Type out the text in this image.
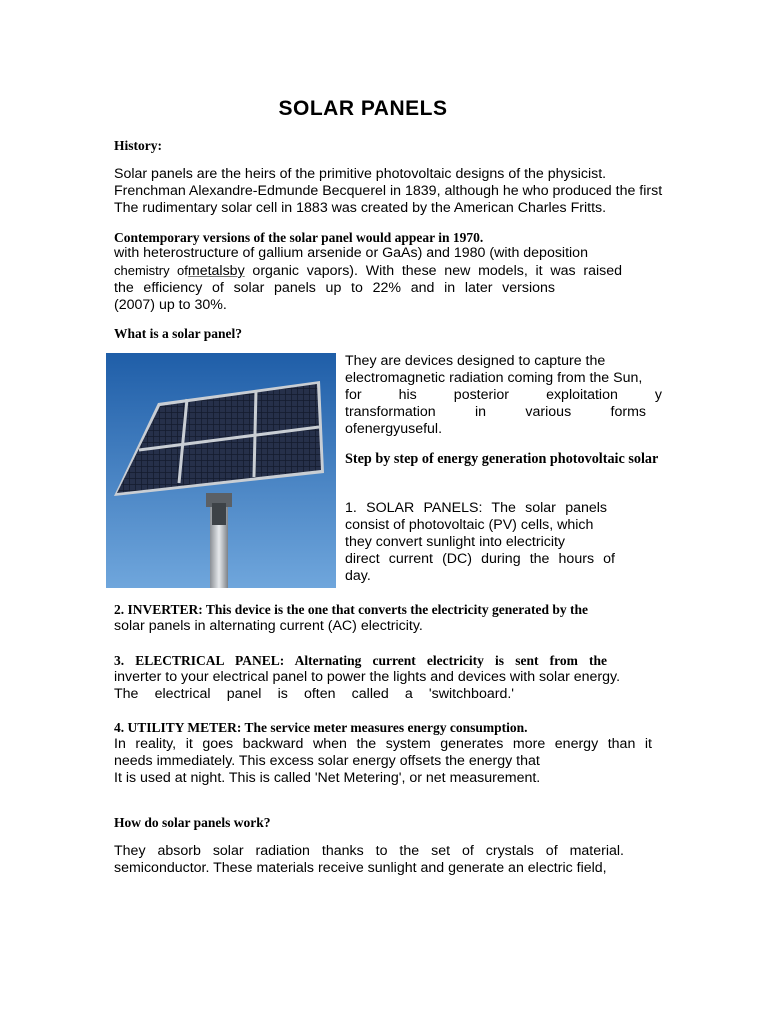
SOLAR PANELS
History:
Solar panels are the heirs of the primitive photovoltaic designs of the physicist.
Frenchman Alexandre-Edmunde Becquerel in 1839, although he who produced the first
The rudimentary solar cell in 1883 was created by the American Charles Fritts.
Contemporary versions of the solar panel would appear in 1970.
with heterostructure of gallium arsenide or GaAs) and 1980 (with deposition
chemistry ofmetalsby organic vapors). With these new models, it was raised
the efficiency of solar panels up to 22% and in later versions
(2007) up to 30%.
What is a solar panel?
They are devices designed to capture the electromagnetic radiation coming from the Sun,
for his posterior exploitation y
transformation in various forms
ofenergyuseful.
Step by step of energy generation photovoltaic solar
1. SOLAR PANELS: The solar panels
consist of photovoltaic (PV) cells, which they convert sunlight into electricity
direct current (DC) during the hours of
day.
2. INVERTER: This device is the one that converts the electricity generated by the
solar panels in alternating current (AC) electricity.
3. ELECTRICAL PANEL: Alternating current electricity is sent from the
inverter to your electrical panel to power the lights and devices with solar energy.
The electrical panel is often called a 'switchboard.'
4. UTILITY METER: The service meter measures energy consumption.
In reality, it goes backward when the system generates more energy than it
needs immediately. This excess solar energy offsets the energy that
It is used at night. This is called 'Net Metering', or net measurement.
How do solar panels work?
They absorb solar radiation thanks to the set of crystals of material.
semiconductor. These materials receive sunlight and generate an electric field,
